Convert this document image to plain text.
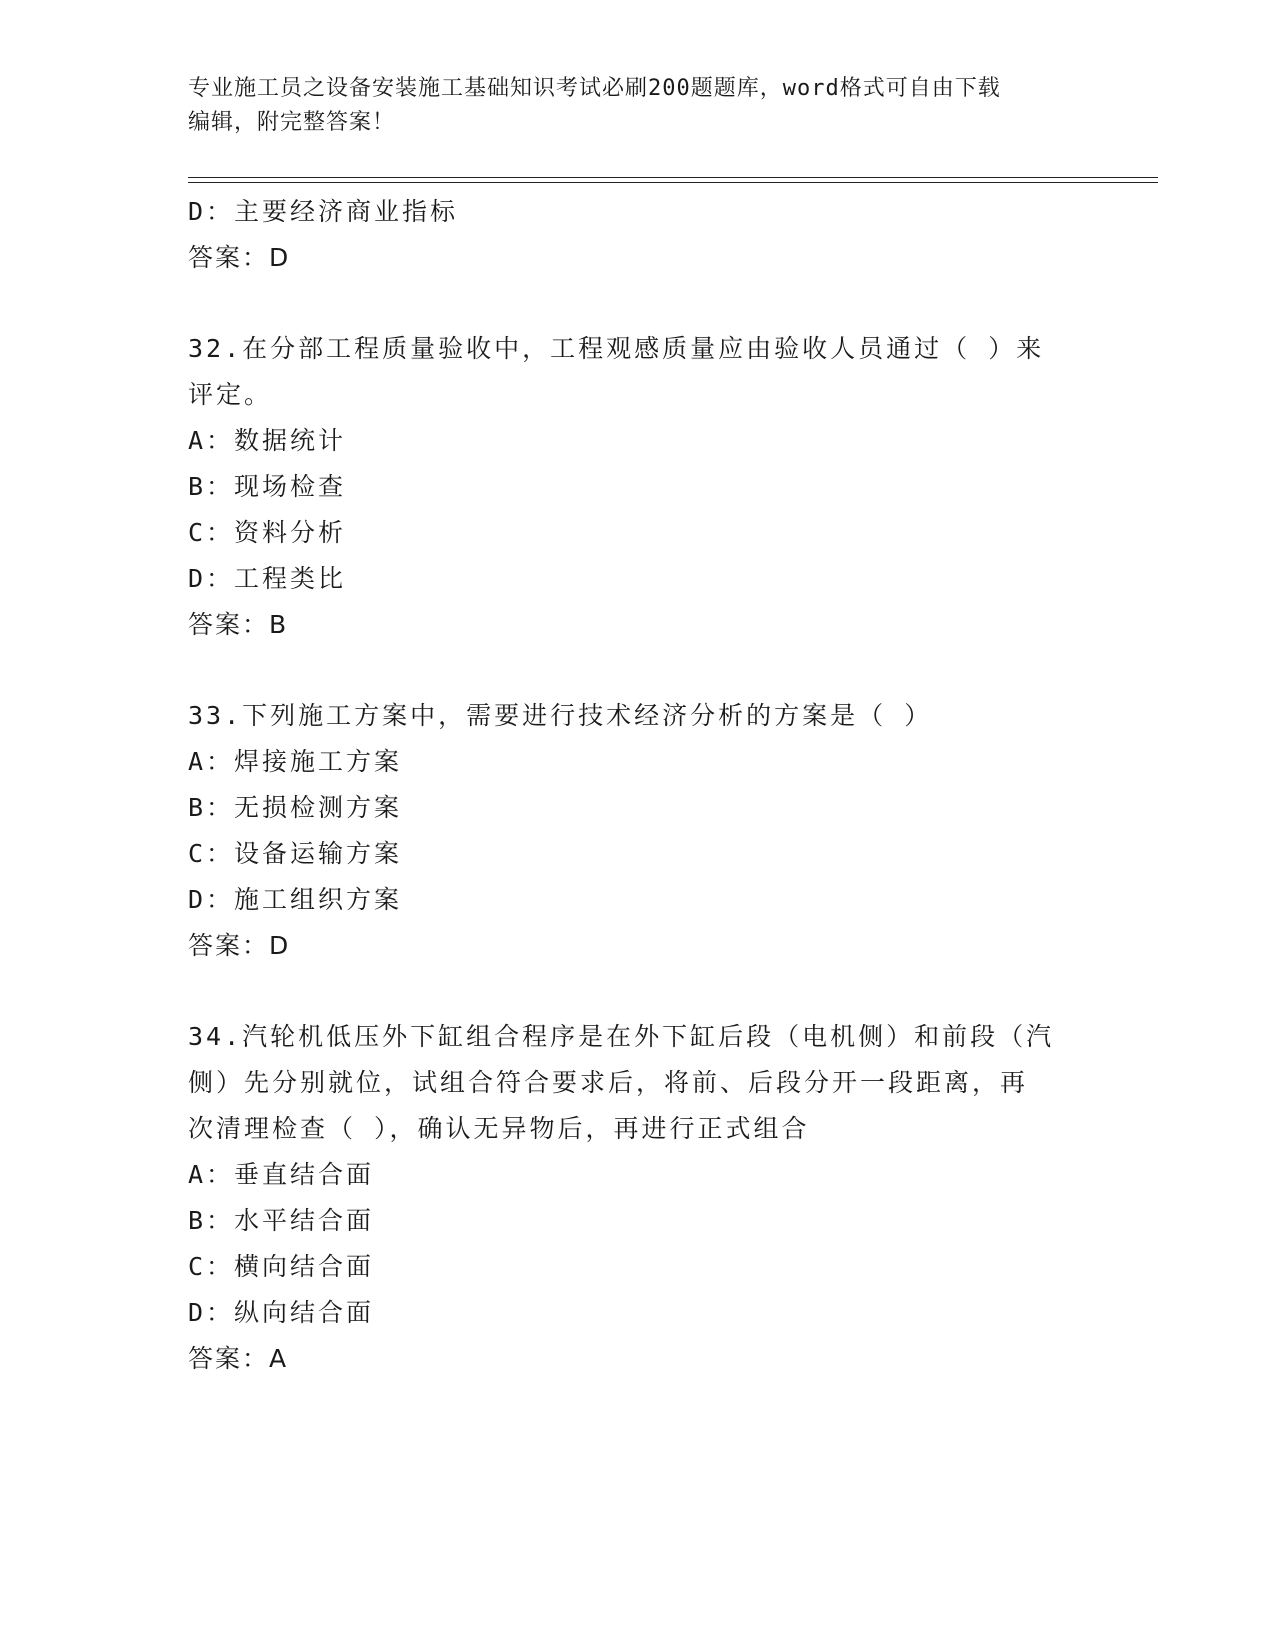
专业施工员之设备安装施工基础知识考试必刷200题题库，word格式可自由下载
编辑，附完整答案！
D：主要经济商业指标
答案：D
32.在分部工程质量验收中，工程观感质量应由验收人员通过（ ）来
评定。
A：数据统计
B：现场检查
C：资料分析
D：工程类比
答案：B
33.下列施工方案中，需要进行技术经济分析的方案是（ ）
A：焊接施工方案
B：无损检测方案
C：设备运输方案
D：施工组织方案
答案：D
34.汽轮机低压外下缸组合程序是在外下缸后段（电机侧）和前段（汽
侧）先分别就位，试组合符合要求后，将前、后段分开一段距离，再
次清理检查（ ），确认无异物后，再进行正式组合
A：垂直结合面
B：水平结合面
C：横向结合面
D：纵向结合面
答案：A
